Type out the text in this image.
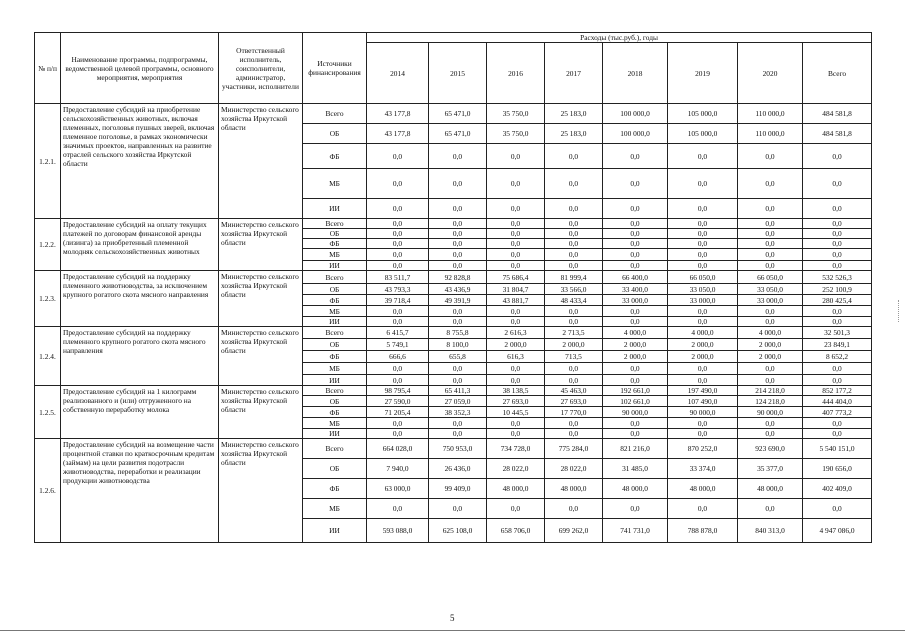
№ п/п	Наименование программы, подпрограммы, ведомственной целевой программы, основного мероприятия, мероприятия	Ответственный исполнитель, соисполнители, администратор, участники, исполнители	Источники финансирования	Расходы (тыс.руб.), годы							
				2014	2015	2016	2017	2018	2019	2020	Всего
1.2.1.	Предоставление субсидий на приобретение сельскохозяйственных животных, включая племенных, поголовья пушных зверей, включая племенное поголовье, в рамках экономически значимых проектов, направленных на развитие отраслей сельского хозяйства Иркутской области	Министерство сельского хозяйства Иркутской области	Всего	43 177,8	65 471,0	35 750,0	25 183,0	100 000,0	105 000,0	110 000,0	484 581,8
			ОБ	43 177,8	65 471,0	35 750,0	25 183,0	100 000,0	105 000,0	110 000,0	484 581,8
			ФБ	0,0	0,0	0,0	0,0	0,0	0,0	0,0	0,0
			МБ	0,0	0,0	0,0	0,0	0,0	0,0	0,0	0,0
			ИИ	0,0	0,0	0,0	0,0	0,0	0,0	0,0	0,0
1.2.2.	Предоставление субсидий на оплату текущих платежей по договорам финансовой аренды (лизинга) за приобретенный племенной молодняк сельскохозяйственных животных	Министерство сельского хозяйства Иркутской области	Всего	0,0	0,0	0,0	0,0	0,0	0,0	0,0	0,0
			ОБ	0,0	0,0	0,0	0,0	0,0	0,0	0,0	0,0
			ФБ	0,0	0,0	0,0	0,0	0,0	0,0	0,0	0,0
			МБ	0,0	0,0	0,0	0,0	0,0	0,0	0,0	0,0
			ИИ	0,0	0,0	0,0	0,0	0,0	0,0	0,0	0,0
1.2.3.	Предоставление субсидий на поддержку племенного животноводства, за исключением крупного рогатого скота мясного направления	Министерство сельского хозяйства Иркутской области	Всего	83 511,7	92 828,8	75 686,4	81 999,4	66 400,0	66 050,0	66 050,0	532 526,3
			ОБ	43 793,3	43 436,9	31 804,7	33 566,0	33 400,0	33 050,0	33 050,0	252 100,9
			ФБ	39 718,4	49 391,9	43 881,7	48 433,4	33 000,0	33 000,0	33 000,0	280 425,4
			МБ	0,0	0,0	0,0	0,0	0,0	0,0	0,0	0,0
			ИИ	0,0	0,0	0,0	0,0	0,0	0,0	0,0	0,0
1.2.4.	Предоставление субсидий на поддержку племенного крупного рогатого скота мясного направления	Министерство сельского хозяйства Иркутской области	Всего	6 415,7	8 755,8	2 616,3	2 713,5	4 000,0	4 000,0	4 000,0	32 501,3
			ОБ	5 749,1	8 100,0	2 000,0	2 000,0	2 000,0	2 000,0	2 000,0	23 849,1
			ФБ	666,6	655,8	616,3	713,5	2 000,0	2 000,0	2 000,0	8 652,2
			МБ	0,0	0,0	0,0	0,0	0,0	0,0	0,0	0,0
			ИИ	0,0	0,0	0,0	0,0	0,0	0,0	0,0	0,0
1.2.5.	Предоставление субсидий на 1 килограмм реализованного и (или) отгруженного на собственную переработку молока	Министерство сельского хозяйства Иркутской области	Всего	98 795,4	65 411,3	38 138,5	45 463,0	192 661,0	197 490,0	214 218,0	852 177,2
			ОБ	27 590,0	27 059,0	27 693,0	27 693,0	102 661,0	107 490,0	124 218,0	444 404,0
			ФБ	71 205,4	38 352,3	10 445,5	17 770,0	90 000,0	90 000,0	90 000,0	407 773,2
			МБ	0,0	0,0	0,0	0,0	0,0	0,0	0,0	0,0
			ИИ	0,0	0,0	0,0	0,0	0,0	0,0	0,0	0,0
1.2.6.	Предоставление субсидий на возмещение части процентной ставки по краткосрочным кредитам (займам) на цели развития подотрасли животноводства, переработки и реализации продукции животноводства	Министерство сельского хозяйства Иркутской области	Всего	664 028,0	750 953,0	734 728,0	775 284,0	821 216,0	870 252,0	923 690,0	5 540 151,0
			ОБ	7 940,0	26 436,0	28 022,0	28 022,0	31 485,0	33 374,0	35 377,0	190 656,0
			ФБ	63 000,0	99 409,0	48 000,0	48 000,0	48 000,0	48 000,0	48 000,0	402 409,0
			МБ	0,0	0,0	0,0	0,0	0,0	0,0	0,0	0,0
			ИИ	593 088,0	625 108,0	658 706,0	699 262,0	741 731,0	788 878,0	840 313,0	4 947 086,0
5
